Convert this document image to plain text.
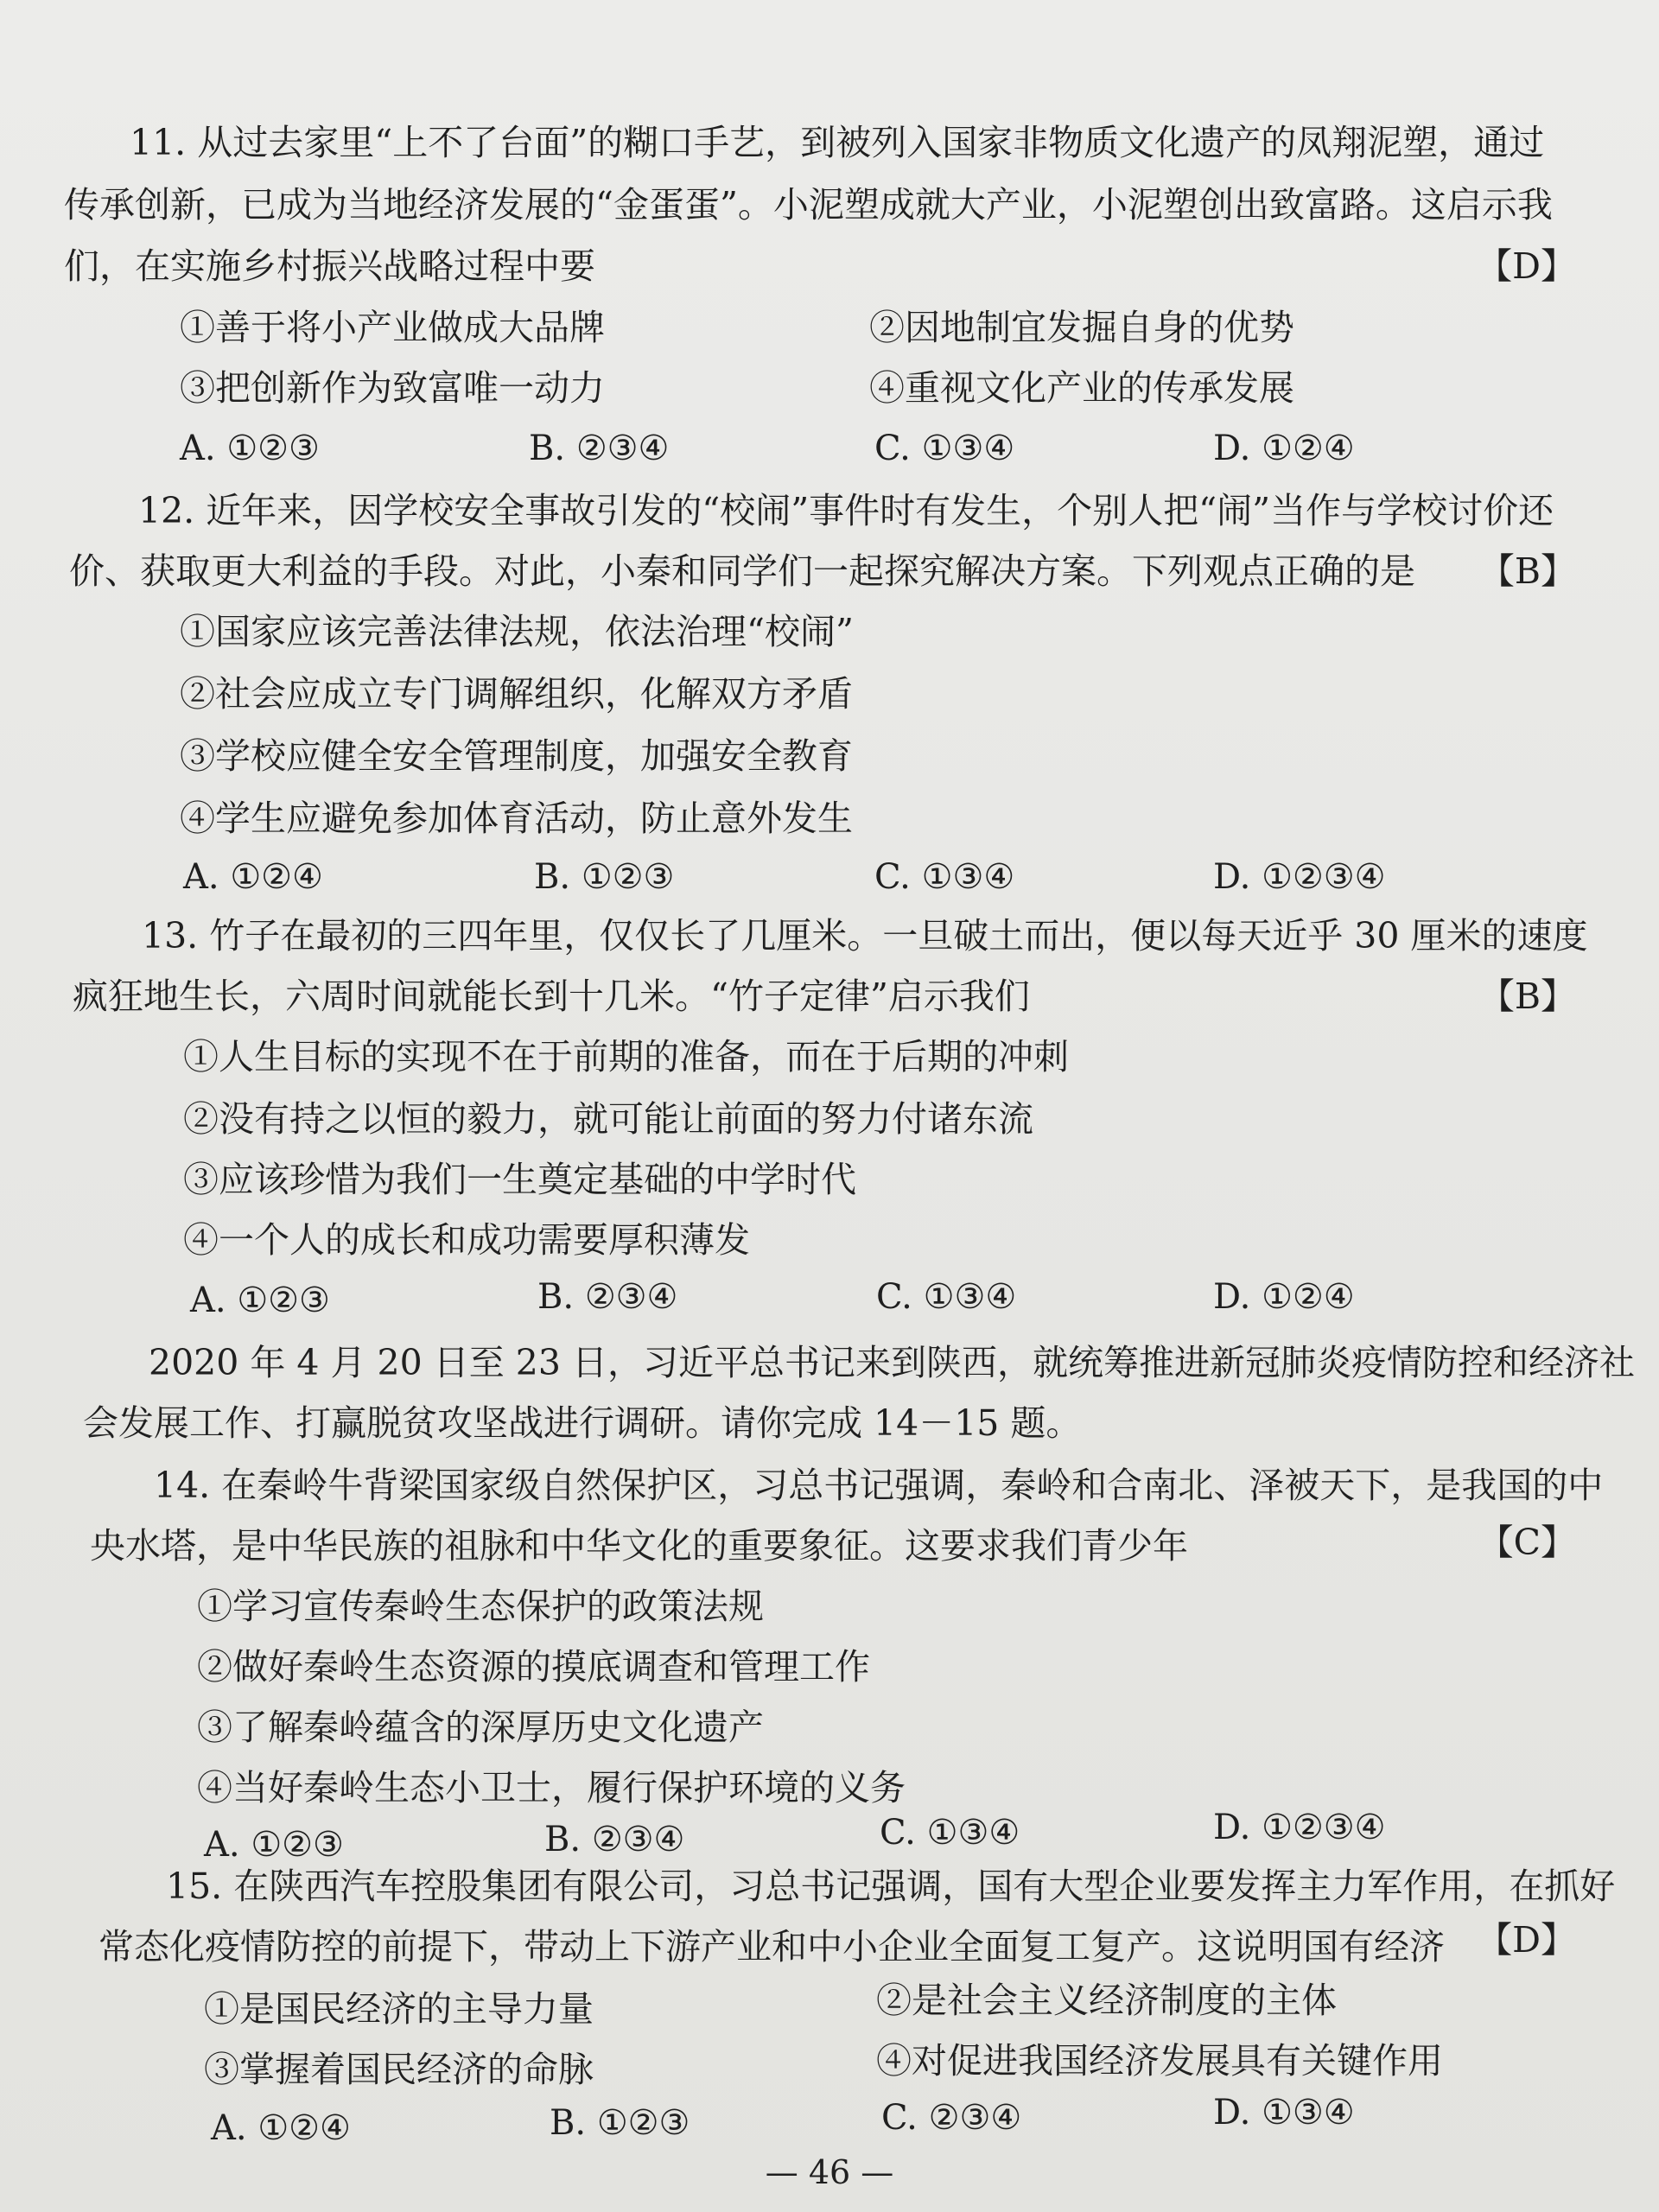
11. 从过去家里“上不了台面”的糊口手艺，到被列入国家非物质文化遗产的凤翔泥塑，通过
传承创新，已成为当地经济发展的“金蛋蛋”。小泥塑成就大产业，小泥塑创出致富路。这启示我
们，在实施乡村振兴战略过程中要	【D】
①善于将小产业做成大品牌	②因地制宜发掘自身的优势
③把创新作为致富唯一动力	④重视文化产业的传承发展
A. ①②③	B. ②③④	C. ①③④	D. ①②④
12. 近年来，因学校安全事故引发的“校闹”事件时有发生，个别人把“闹”当作与学校讨价还
价、获取更大利益的手段。对此，小秦和同学们一起探究解决方案。下列观点正确的是 【B】
①国家应该完善法律法规，依法治理“校闹”
②社会应成立专门调解组织，化解双方矛盾
③学校应健全安全管理制度，加强安全教育
④学生应避免参加体育活动，防止意外发生
A. ①②④	B. ①②③	C. ①③④	D. ①②③④
13. 竹子在最初的三四年里，仅仅长了几厘米。一旦破土而出，便以每天近乎 30 厘米的速度
疯狂地生长，六周时间就能长到十几米。“竹子定律”启示我们	【B】
①人生目标的实现不在于前期的准备，而在于后期的冲刺
②没有持之以恒的毅力，就可能让前面的努力付诸东流
③应该珍惜为我们一生奠定基础的中学时代
④一个人的成长和成功需要厚积薄发
A. ①②③	B. ②③④	C. ①③④	D. ①②④
2020 年 4 月 20 日至 23 日，习近平总书记来到陕西，就统筹推进新冠肺炎疫情防控和经济社
会发展工作、打赢脱贫攻坚战进行调研。请你完成 14－15 题。
14. 在秦岭牛背梁国家级自然保护区，习总书记强调，秦岭和合南北、泽被天下，是我国的中
央水塔，是中华民族的祖脉和中华文化的重要象征。这要求我们青少年	【C】
①学习宣传秦岭生态保护的政策法规
②做好秦岭生态资源的摸底调查和管理工作
③了解秦岭蕴含的深厚历史文化遗产
④当好秦岭生态小卫士，履行保护环境的义务
A. ①②③	B. ②③④	C. ①③④	D. ①②③④
15. 在陕西汽车控股集团有限公司，习总书记强调，国有大型企业要发挥主力军作用，在抓好
常态化疫情防控的前提下，带动上下游产业和中小企业全面复工复产。这说明国有经济 【D】
①是国民经济的主导力量	②是社会主义经济制度的主体
③掌握着国民经济的命脉	④对促进我国经济发展具有关键作用
A. ①②④	B. ①②③	C. ②③④	D. ①③④
— 46 —
